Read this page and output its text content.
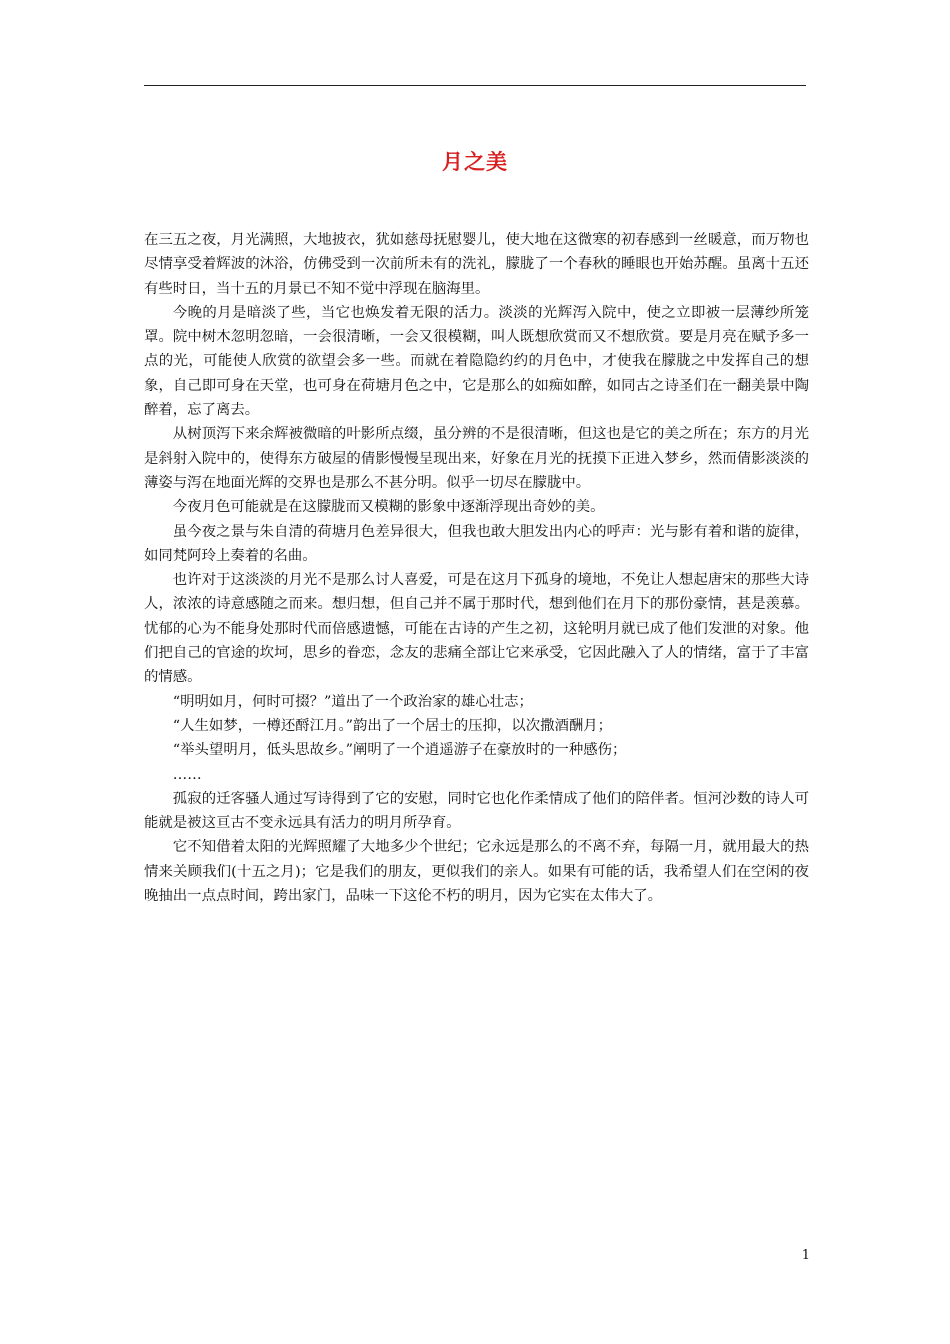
月之美

在三五之夜，月光满照，大地披衣，犹如慈母抚慰婴儿，使大地在这微寒的初春感到一丝暖意，而万物也尽情享受着辉波的沐浴，仿佛受到一次前所未有的洗礼，朦胧了一个春秋的睡眼也开始苏醒。虽离十五还有些时日，当十五的月景已不知不觉中浮现在脑海里。

今晚的月是暗淡了些，当它也焕发着无限的活力。淡淡的光辉泻入院中，使之立即被一层薄纱所笼罩。院中树木忽明忽暗，一会很清晰，一会又很模糊，叫人既想欣赏而又不想欣赏。要是月亮在赋予多一点的光，可能使人欣赏的欲望会多一些。而就在着隐隐约约的月色中，才使我在朦胧之中发挥自己的想象，自己即可身在天堂，也可身在荷塘月色之中，它是那么的如痴如醉，如同古之诗圣们在一翻美景中陶醉着，忘了离去。

从树顶泻下来余辉被微暗的叶影所点缀，虽分辨的不是很清晰，但这也是它的美之所在；东方的月光是斜射入院中的，使得东方破屋的倩影慢慢呈现出来，好象在月光的抚摸下正进入梦乡，然而倩影淡淡的薄姿与泻在地面光辉的交界也是那么不甚分明。似乎一切尽在朦胧中。

今夜月色可能就是在这朦胧而又模糊的影象中逐渐浮现出奇妙的美。

虽今夜之景与朱自清的荷塘月色差异很大，但我也敢大胆发出内心的呼声：光与影有着和谐的旋律，如同梵阿玲上奏着的名曲。

也许对于这淡淡的月光不是那么讨人喜爱，可是在这月下孤身的境地，不免让人想起唐宋的那些大诗人，浓浓的诗意感随之而来。想归想，但自己并不属于那时代，想到他们在月下的那份豪情，甚是羡慕。忧郁的心为不能身处那时代而倍感遗憾，可能在古诗的产生之初，这轮明月就已成了他们发泄的对象。他们把自己的官途的坎坷，思乡的眷恋，念友的悲痛全部让它来承受，它因此融入了人的情绪，富于了丰富的情感。

“明明如月，何时可掇？”道出了一个政治家的雄心壮志；

“人生如梦，一樽还酹江月。”韵出了一个居士的压抑，以次撒酒酬月；

“举头望明月，低头思故乡。”阐明了一个逍遥游子在豪放时的一种感伤；

……

孤寂的迁客骚人通过写诗得到了它的安慰，同时它也化作柔情成了他们的陪伴者。恒河沙数的诗人可能就是被这亘古不变永远具有活力的明月所孕育。

它不知借着太阳的光辉照耀了大地多少个世纪；它永远是那么的不离不弃，每隔一月，就用最大的热情来关顾我们(十五之月)；它是我们的朋友，更似我们的亲人。如果有可能的话，我希望人们在空闲的夜晚抽出一点点时间，跨出家门，品味一下这伦不朽的明月，因为它实在太伟大了。

1
